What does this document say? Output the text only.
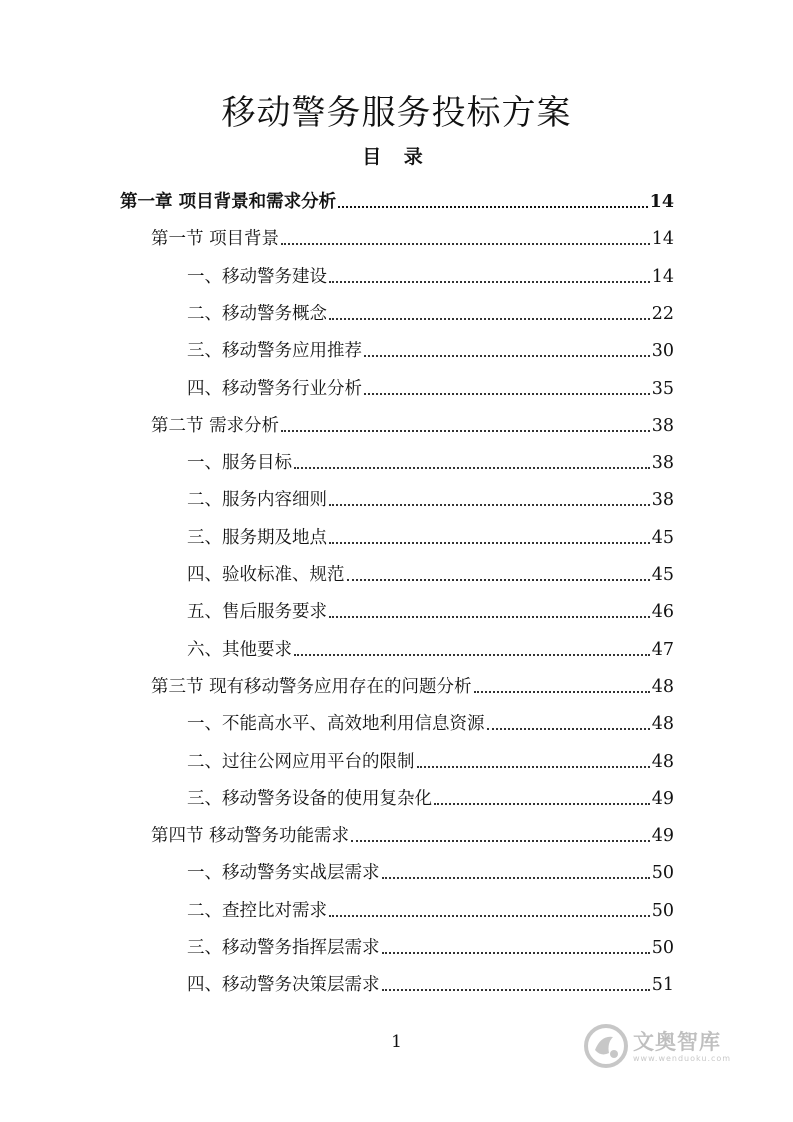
移动警务服务投标方案
目 录
第一章 项目背景和需求分析	14
第一节 项目背景	14
一、移动警务建设	14
二、移动警务概念	22
三、移动警务应用推荐	30
四、移动警务行业分析	35
第二节 需求分析	38
一、服务目标	38
二、服务内容细则	38
三、服务期及地点	45
四、验收标准、规范	45
五、售后服务要求	46
六、其他要求	47
第三节 现有移动警务应用存在的问题分析	48
一、不能高水平、高效地利用信息资源	48
二、过往公网应用平台的限制	48
三、移动警务设备的使用复杂化	49
第四节 移动警务功能需求	49
一、移动警务实战层需求	50
二、查控比对需求	50
三、移动警务指挥层需求	50
四、移动警务决策层需求	51
1	文奥智库
www.wenduoku.com
